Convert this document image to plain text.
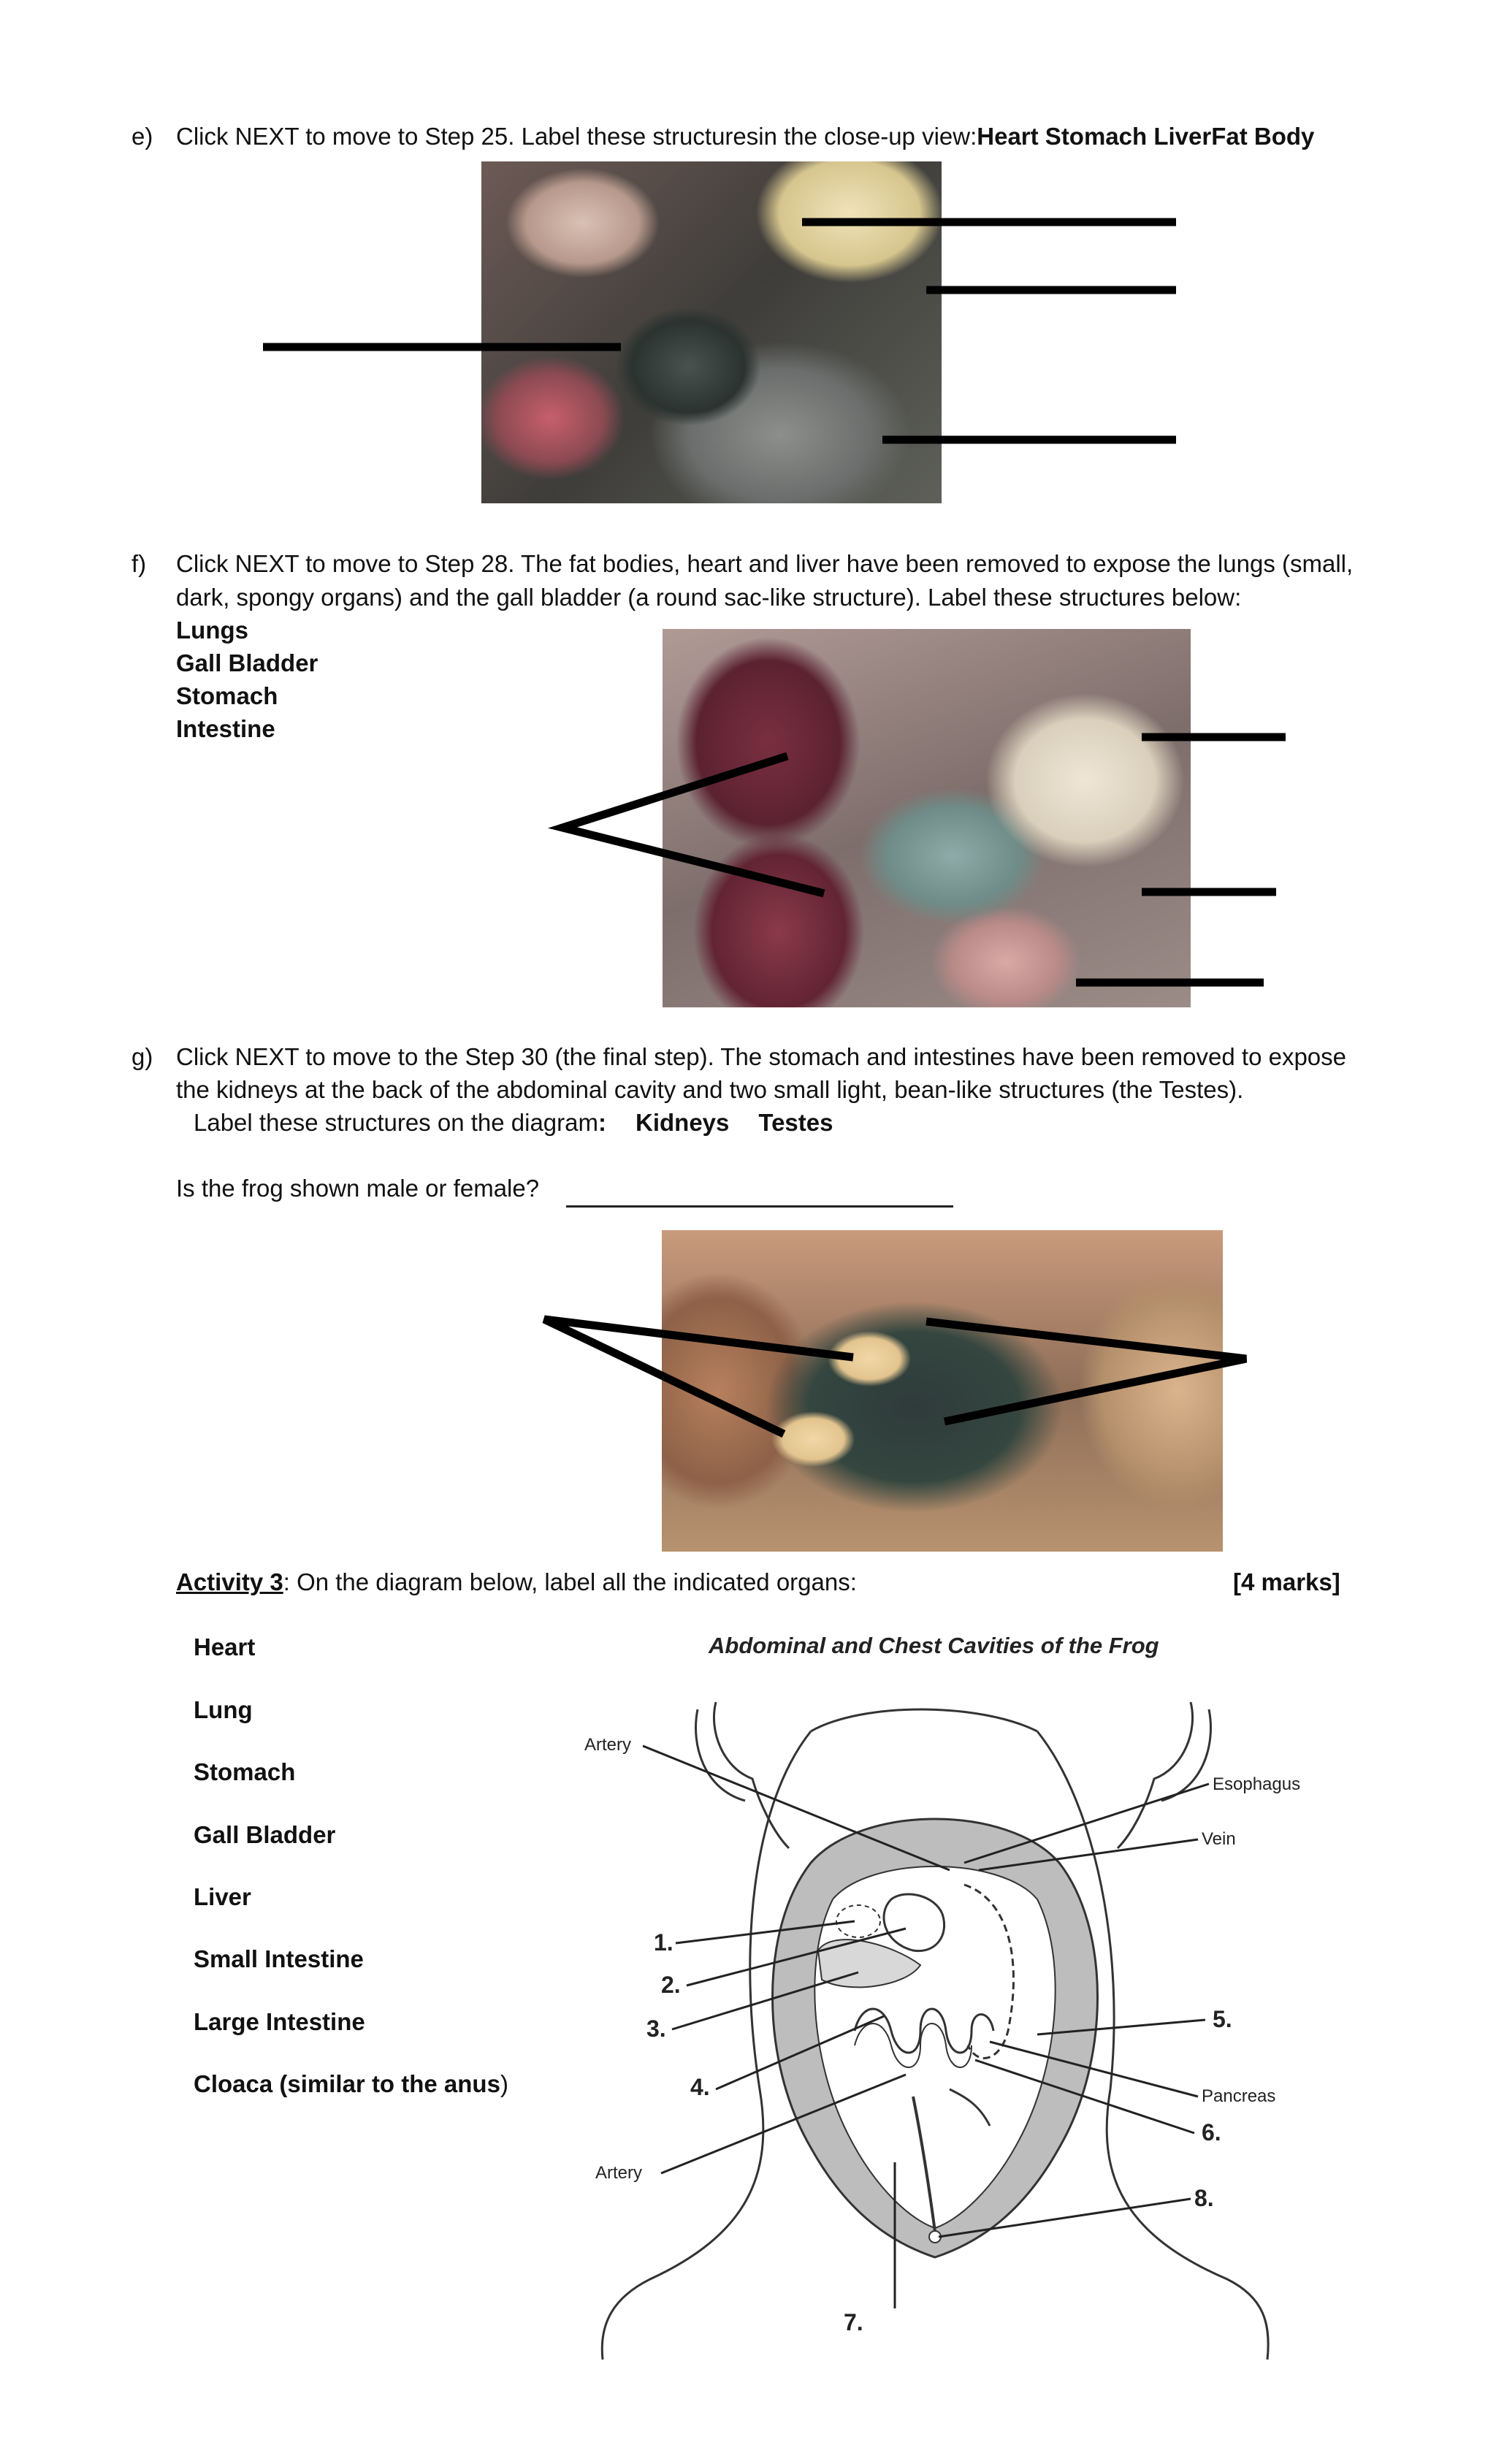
e) Click NEXT to move to Step 25. Label these structuresin the close-up view:Heart Stomach LiverFat Body
f) Click NEXT to move to Step 28. The fat bodies, heart and liver have been removed to expose the lungs (small,
dark, spongy organs) and the gall bladder (a round sac-like structure). Label these structures below:
Lungs
Gall Bladder
Stomach
Intestine
g) Click NEXT to move to the Step 30 (the final step). The stomach and intestines have been removed to expose
the kidneys at the back of the abdominal cavity and two small light, bean-like structures (the Testes).
Label these structures on the diagram: Kidneys Testes
Is the frog shown male or female?
Activity 3: On the diagram below, label all the indicated organs:	[4 marks]
Heart
Lung
Stomach
Gall Bladder
Liver
Small Intestine
Large Intestine
Cloaca (similar to the anus)
Abdominal and Chest Cavities of the Frog
Artery
Esophagus
Vein
Pancreas
Artery
1.
2.
3.
4.
5.
6.
7.
8.
